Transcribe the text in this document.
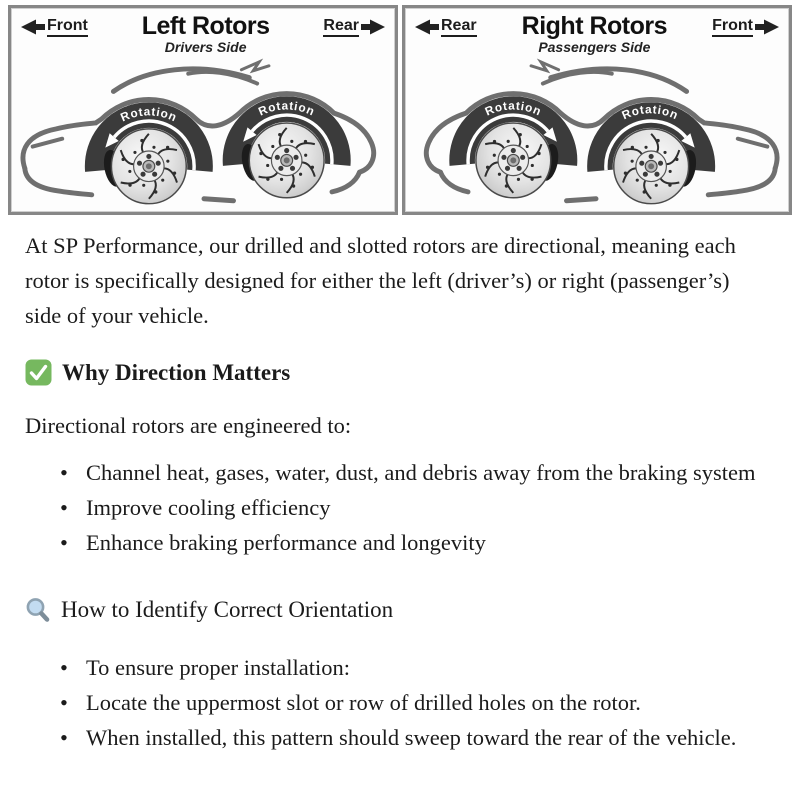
Front Left Rotors
Drivers Side
Rear
Rotation	Rotation
Rear Right Rotors
Passengers Side
Front
Rotation	Rotation

At SP Performance, our drilled and slotted rotors are directional, meaning each rotor is specifically designed for either the left (driver’s) or right (passenger’s) side of your vehicle.

Why Direction Matters

Directional rotors are engineered to:

• Channel heat, gases, water, dust, and debris away from the braking system
• Improve cooling efficiency
• Enhance braking performance and longevity
How to Identify Correct Orientation
• To ensure proper installation:
• Locate the uppermost slot or row of drilled holes on the rotor.
• When installed, this pattern should sweep toward the rear of the vehicle.
